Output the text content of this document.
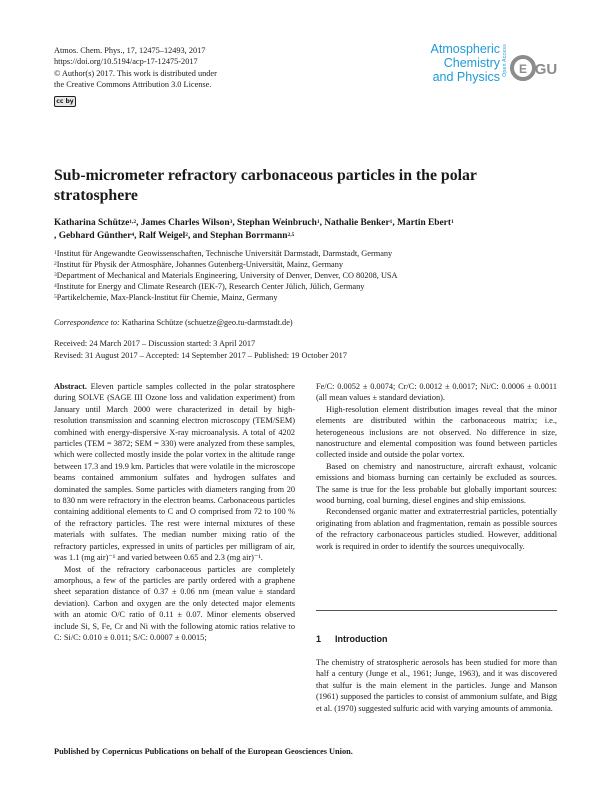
Atmos. Chem. Phys., 17, 12475–12493, 2017
https://doi.org/10.5194/acp-17-12475-2017
© Author(s) 2017. This work is distributed under
the Creative Commons Attribution 3.0 License.
cc by
Atmospheric
Chemistry
and Physics
Open Access E GU
Sub-micrometer refractory carbonaceous particles in the polar stratosphere
Katharina Schütze$^{1,2}$, James Charles Wilson$^3$, Stephan Weinbruch$^1$, Nathalie Benker$^1$, Martin Ebert$^1$
, Gebhard Günther$^4$, Ralf Weigel$^2$, and Stephan Borrmann$^{2,5}$

$^1$Institut für Angewandte Geowissenschaften, Technische Universität Darmstadt, Darmstadt, Germany

$^2$Institut für Physik der Atmosphäre, Johannes Gutenberg-Universität, Mainz, Germany

$^3$Department of Mechanical and Materials Engineering, University of Denver, Denver, CO 80208, USA

$^4$Institute for Energy and Climate Research (IEK-7), Research Center Jülich, Jülich, Germany

$^5$Partikelchemie, Max-Planck-Institut für Chemie, Mainz, Germany

Correspondence to: Katharina Schütze (schuetze@geo.tu-darmstadt.de)
Received: 24 March 2017 – Discussion started: 3 April 2017
Revised: 31 August 2017 – Accepted: 14 September 2017 – Published: 19 October 2017

Abstract. Eleven particle samples collected in the polar stratosphere during SOLVE (SAGE III Ozone loss and validation experiment) from January until March 2000 were characterized in detail by high-resolution transmission and scanning electron microscopy (TEM/SEM) combined with energy-dispersive X-ray microanalysis. A total of 4202 particles (TEM = 3872; SEM = 330) were analyzed from these samples, which were collected mostly inside the polar vortex in the altitude range between 17.3 and 19.9 km. Particles that were volatile in the microscope beams contained ammonium sulfates and hydrogen sulfates and dominated the samples. Some particles with diameters ranging from 20 to 830 nm were refractory in the electron beams. Carbonaceous particles containing additional elements to C and O comprised from 72 to 100 % of the refractory particles. The rest were internal mixtures of these materials with sulfates. The median number mixing ratio of the refractory particles, expressed in units of particles per milligram of air, was 1.1 (mg air)⁻¹ and varied between 0.65 and 2.3 (mg air)⁻¹.

Most of the refractory carbonaceous particles are completely amorphous, a few of the particles are partly ordered with a graphene sheet separation distance of 0.37 ± 0.06 nm (mean value ± standard deviation). Carbon and oxygen are the only detected major elements with an atomic O/C ratio of 0.11 ± 0.07. Minor elements observed include Si, S, Fe, Cr and Ni with the following atomic ratios relative to C: Si/C: 0.010 ± 0.011; S/C: 0.0007 ± 0.0015;

Fe/C: 0.0052 ± 0.0074; Cr/C: 0.0012 ± 0.0017; Ni/C: 0.0006 ± 0.0011 (all mean values ± standard deviation).

High-resolution element distribution images reveal that the minor elements are distributed within the carbonaceous matrix; i.e., heterogeneous inclusions are not observed. No difference in size, nanostructure and elemental composition was found between particles collected inside and outside the polar vortex.

Based on chemistry and nanostructure, aircraft exhaust, volcanic emissions and biomass burning can certainly be excluded as sources. The same is true for the less probable but globally important sources: wood burning, coal burning, diesel engines and ship emissions.

Recondensed organic matter and extraterrestrial particles, potentially originating from ablation and fragmentation, remain as possible sources of the refractory carbonaceous particles studied. However, additional work is required in order to identify the sources unequivocally.

1 Introduction

The chemistry of stratospheric aerosols has been studied for more than half a century (Junge et al., 1961; Junge, 1963), and it was discovered that sulfur is the main element in the particles. Junge and Manson (1961) supposed the particles to consist of ammonium sulfate, and Bigg et al. (1970) suggested sulfuric acid with varying amounts of ammonia.

Published by Copernicus Publications on behalf of the European Geosciences Union.
